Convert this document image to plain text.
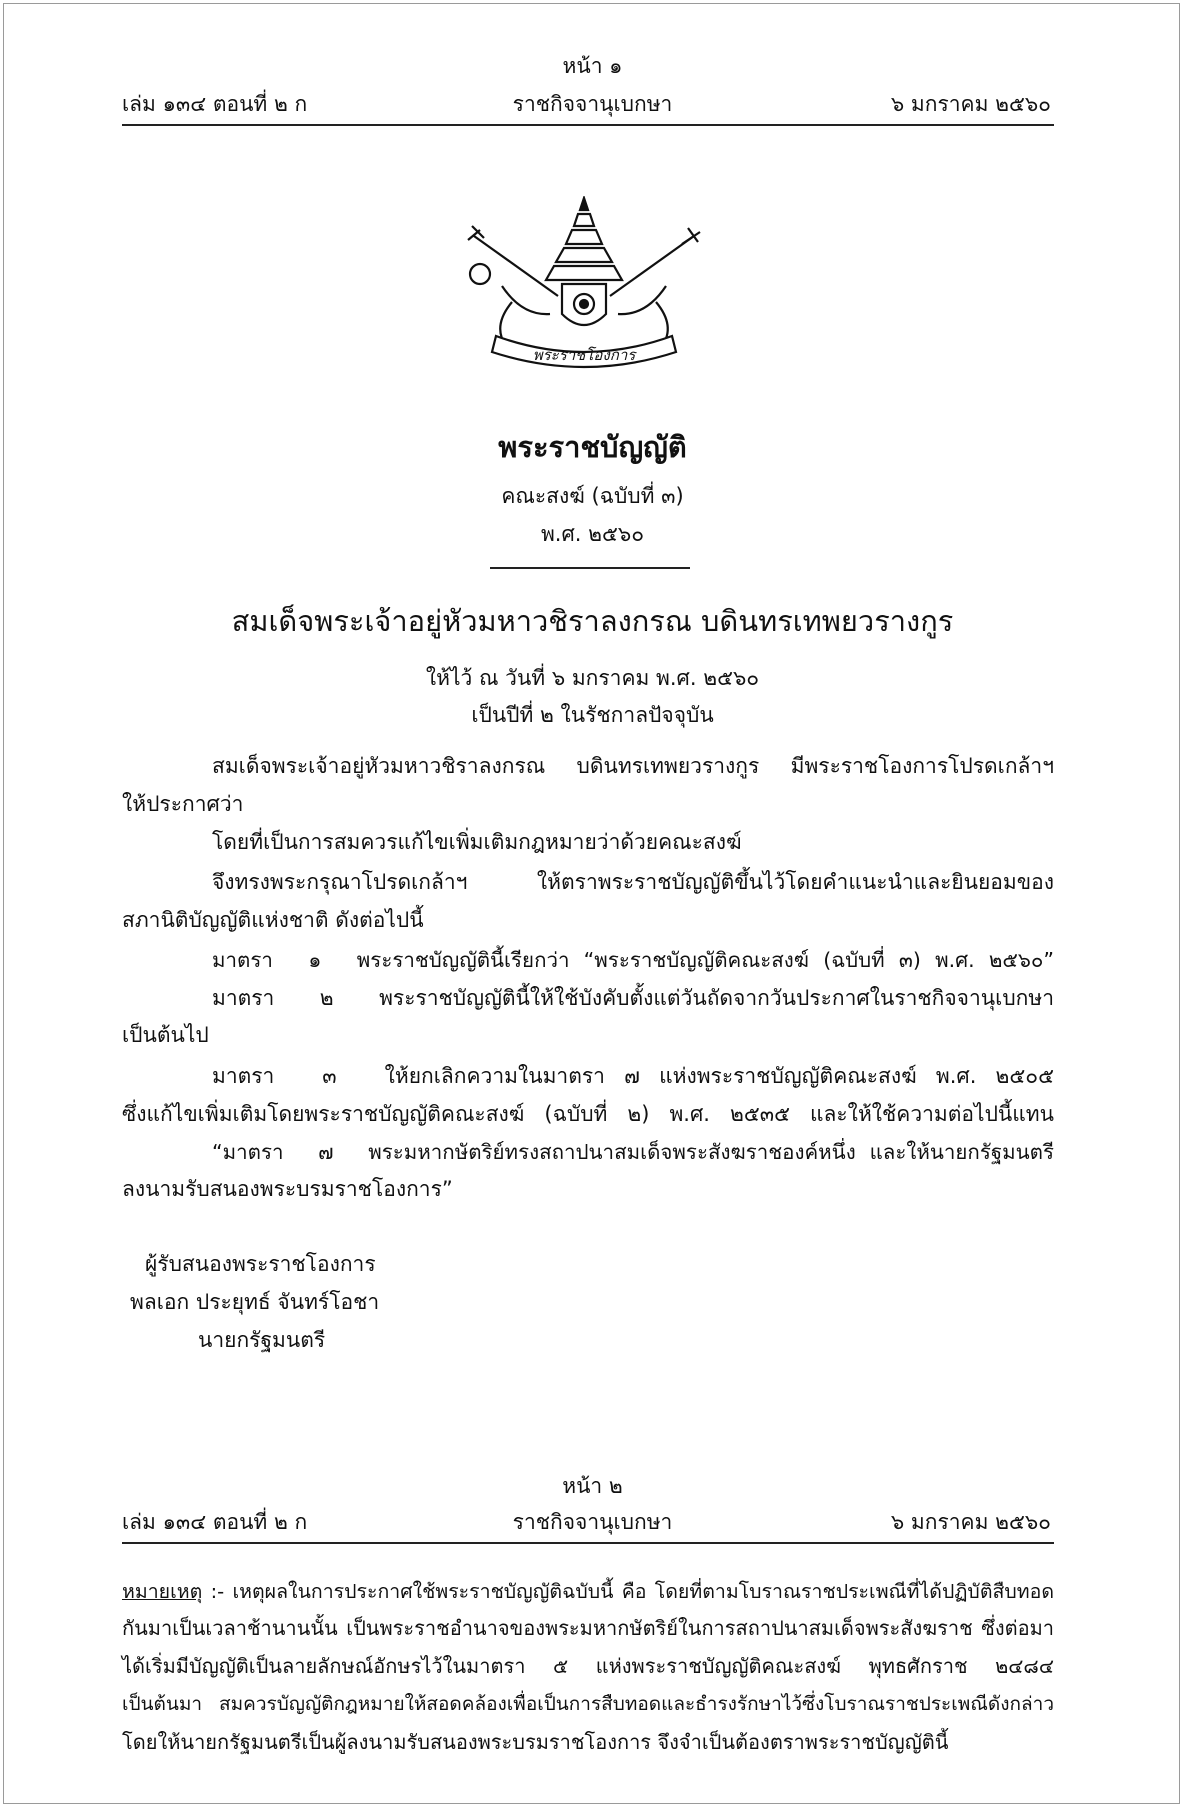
หน้า ๑
เล่ม ๑๓๔ ตอนที่ ๒ ก	ราชกิจจานุเบกษา	๖ มกราคม ๒๕๖๐
พระราชโองการ
พระราชบัญญัติ
คณะสงฆ์ (ฉบับที่ ๓)
พ.ศ. ๒๕๖๐
สมเด็จพระเจ้าอยู่หัวมหาวชิราลงกรณ บดินทรเทพยวรางกูร
ให้ไว้ ณ วันที่ ๖ มกราคม พ.ศ. ๒๕๖๐
เป็นปีที่ ๒ ในรัชกาลปัจจุบัน
สมเด็จพระเจ้าอยู่หัวมหาวชิราลงกรณ บดินทรเทพยวรางกูร มีพระราชโองการโปรดเกล้าฯ
ให้ประกาศว่า
โดยที่เป็นการสมควรแก้ไขเพิ่มเติมกฎหมายว่าด้วยคณะสงฆ์
จึงทรงพระกรุณาโปรดเกล้าฯ ให้ตราพระราชบัญญัติขึ้นไว้โดยคำแนะนำและยินยอมของ
สภานิติบัญญัติแห่งชาติ ดังต่อไปนี้
มาตรา     ๑     พระราชบัญญัตินี้เรียกว่า  “พระราชบัญญัติคณะสงฆ์  (ฉบับที่  ๓)  พ.ศ.  ๒๕๖๐”
มาตรา     ๒     พระราชบัญญัตินี้ให้ใช้บังคับตั้งแต่วันถัดจากวันประกาศในราชกิจจานุเบกษา
เป็นต้นไป
มาตรา     ๓     ให้ยกเลิกความในมาตรา  ๗  แห่งพระราชบัญญัติคณะสงฆ์  พ.ศ.  ๒๕๐๕
ซึ่งแก้ไขเพิ่มเติมโดยพระราชบัญญัติคณะสงฆ์ (ฉบับที่ ๒) พ.ศ. ๒๕๓๕ และให้ใช้ความต่อไปนี้แทน
“มาตรา     ๗     พระมหากษัตริย์ทรงสถาปนาสมเด็จพระสังฆราชองค์หนึ่ง  และให้นายกรัฐมนตรี
ลงนามรับสนองพระบรมราชโองการ”
ผู้รับสนองพระราชโองการ
พลเอก ประยุทธ์ จันทร์โอชา
นายกรัฐมนตรี
หน้า ๒
เล่ม ๑๓๔ ตอนที่ ๒ ก	ราชกิจจานุเบกษา	๖ มกราคม ๒๕๖๐
หมายเหตุ :- เหตุผลในการประกาศใช้พระราชบัญญัติฉบับนี้ คือ โดยที่ตามโบราณราชประเพณีที่ได้ปฏิบัติสืบทอด
กันมาเป็นเวลาช้านานนั้น เป็นพระราชอำนาจของพระมหากษัตริย์ในการสถาปนาสมเด็จพระสังฆราช ซึ่งต่อมา
ได้เริ่มมีบัญญัติเป็นลายลักษณ์อักษรไว้ในมาตรา ๕ แห่งพระราชบัญญัติคณะสงฆ์ พุทธศักราช ๒๔๘๔
เป็นต้นมา สมควรบัญญัติกฎหมายให้สอดคล้องเพื่อเป็นการสืบทอดและธำรงรักษาไว้ซึ่งโบราณราชประเพณีดังกล่าว
โดยให้นายกรัฐมนตรีเป็นผู้ลงนามรับสนองพระบรมราชโองการ จึงจำเป็นต้องตราพระราชบัญญัตินี้
